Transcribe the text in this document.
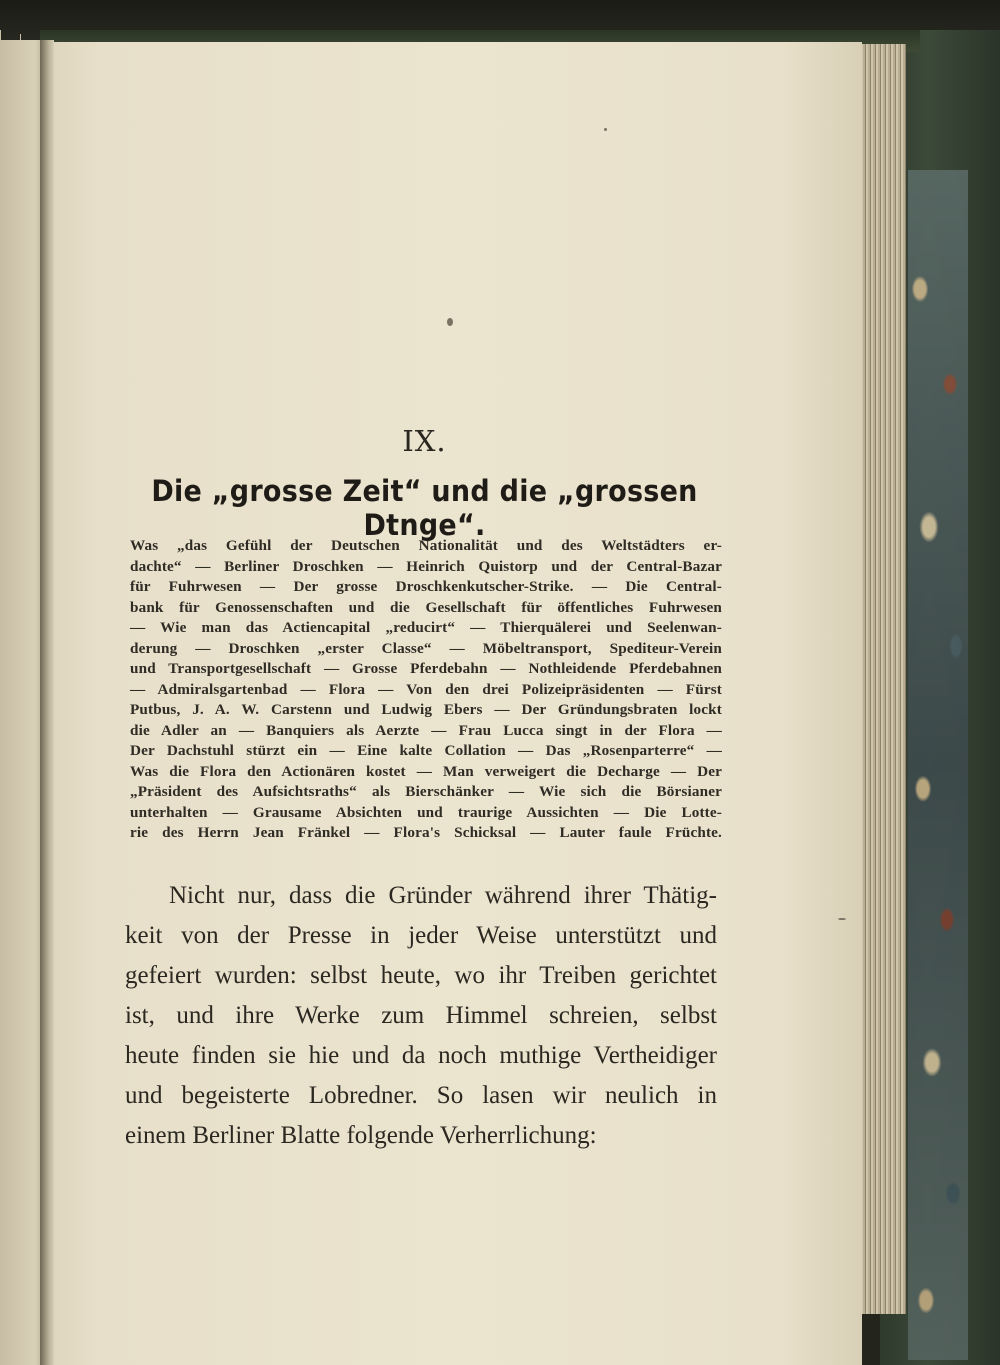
IX.
Die „grosse Zeit“ und die „grossen Dtnge“.
Was „das Gefühl der Deutschen Nationalität und des Weltstädters er-
dachte“ — Berliner Droschken — Heinrich Quistorp und der Central-Bazar
für Fuhrwesen — Der grosse Droschkenkutscher-Strike. — Die Central-
bank für Genossenschaften und die Gesellschaft für öffentliches Fuhrwesen
— Wie man das Actiencapital „reducirt“ — Thierquälerei und Seelenwan-
derung — Droschken „erster Classe“ — Möbeltransport, Spediteur-Verein
und Transportgesellschaft — Grosse Pferdebahn — Nothleidende Pferdebahnen
— Admiralsgartenbad — Flora — Von den drei Polizeipräsidenten — Fürst
Putbus, J. A. W. Carstenn und Ludwig Ebers — Der Gründungsbraten lockt
die Adler an — Banquiers als Aerzte — Frau Lucca singt in der Flora —
Der Dachstuhl stürzt ein — Eine kalte Collation — Das „Rosenparterre“ —
Was die Flora den Actionären kostet — Man verweigert die Decharge — Der
„Präsident des Aufsichtsraths“ als Bierschänker — Wie sich die Börsianer
unterhalten — Grausame Absichten und traurige Aussichten — Die Lotte-
rie des Herrn Jean Fränkel — Flora's Schicksal — Lauter faule Früchte.
Nicht nur, dass die Gründer während ihrer Thätig-
keit von der Presse in jeder Weise unterstützt und
gefeiert wurden: selbst heute, wo ihr Treiben gerichtet
ist, und ihre Werke zum Himmel schreien, selbst
heute finden sie hie und da noch muthige Vertheidiger
und begeisterte Lobredner. So lasen wir neulich in
einem Berliner Blatte folgende Verherrlichung:
